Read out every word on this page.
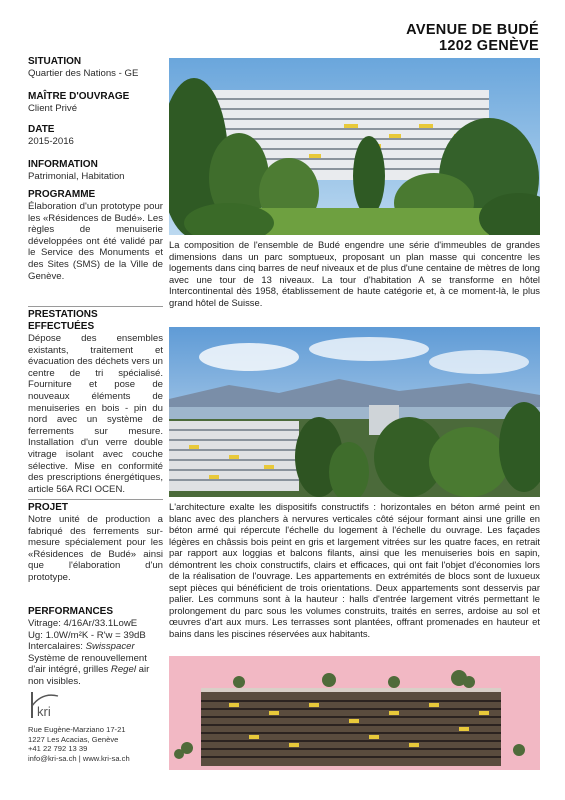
AVENUE DE BUDÉ
1202 GENÈVE
SITUATION
Quartier des Nations - GE
MAÎTRE D'OUVRAGE
Client Privé
DATE
2015-2016
INFORMATION
Patrimonial, Habitation
PROGRAMME
Élaboration d'un prototype pour les «Résidences de Budé». Les règles de menuiserie développées ont été validé par le Service des Monuments et des Sites (SMS) de la Ville de Genève.
PRESTATIONS EFFECTUÉES
Dépose des ensembles existants, traitement et évacuation des déchets vers un centre de tri spécialisé. Fourniture et pose de nouveaux éléments de menuiseries en bois - pin du nord avec un système de ferrements sur mesure. Installation d'un verre double vitrage isolant avec couche sélective. Mise en conformité des prescriptions énergétiques, article 56A RCI OCEN.
PROJET
Notre unité de production a fabriqué des ferrements sur-mesure spécialement pour les «Résidences de Budé» ainsi que l'élaboration d'un prototype.
PERFORMANCES
Vitrage: 4/16Ar/33.1LowE
Ug: 1.0W/m²K - R'w = 39dB
Intercalaires: Swisspacer
Système de renouvellement d'air intégré, grilles Regel air non visibles.
La composition de l'ensemble de Budé engendre une série d'immeubles de grandes dimensions dans un parc somptueux, proposant un plan masse qui concentre les logements dans cinq barres de neuf niveaux et de plus d'une centaine de mètres de long avec une tour de 13 niveaux. La tour d'habitation A se transforme en hôtel Intercontinental dès 1958, établissement de haute catégorie et, à ce moment-là, le plus grand hôtel de Suisse.
L'architecture exalte les dispositifs constructifs : horizontales en béton armé peint en blanc avec des planchers à nervures verticales côté séjour formant ainsi une grille en béton armé qui répercute l'échelle du logement à l'échelle du ouvrage. Les façades légères en châssis bois peint en gris et largement vitrées sur les quatre faces, en retrait par rapport aux loggias et balcons filants, ainsi que les menuiseries bois en sapin, démontrent les choix constructifs, clairs et efficaces, qui ont fait l'objet d'économies lors de la réalisation de l'ouvrage. Les appartements en extrémités de blocs sont de luxueux sept pièces qui bénéficient de trois orientations. Deux appartements sont desservis par palier. Les communs sont à la hauteur : halls d'entrée largement vitrés permettant le prolongement du parc sous les volumes construits, traités en serres, ardoise au sol et œuvres d'art aux murs. Les terrasses sont plantées, offrant promenades en hauteur et bains dans les piscines réservées aux habitants.
kri
Rue Eugène-Marziano 17-21
1227 Les Acacias, Genève
+41 22 792 13 39
info@kri-sa.ch | www.kri-sa.ch
